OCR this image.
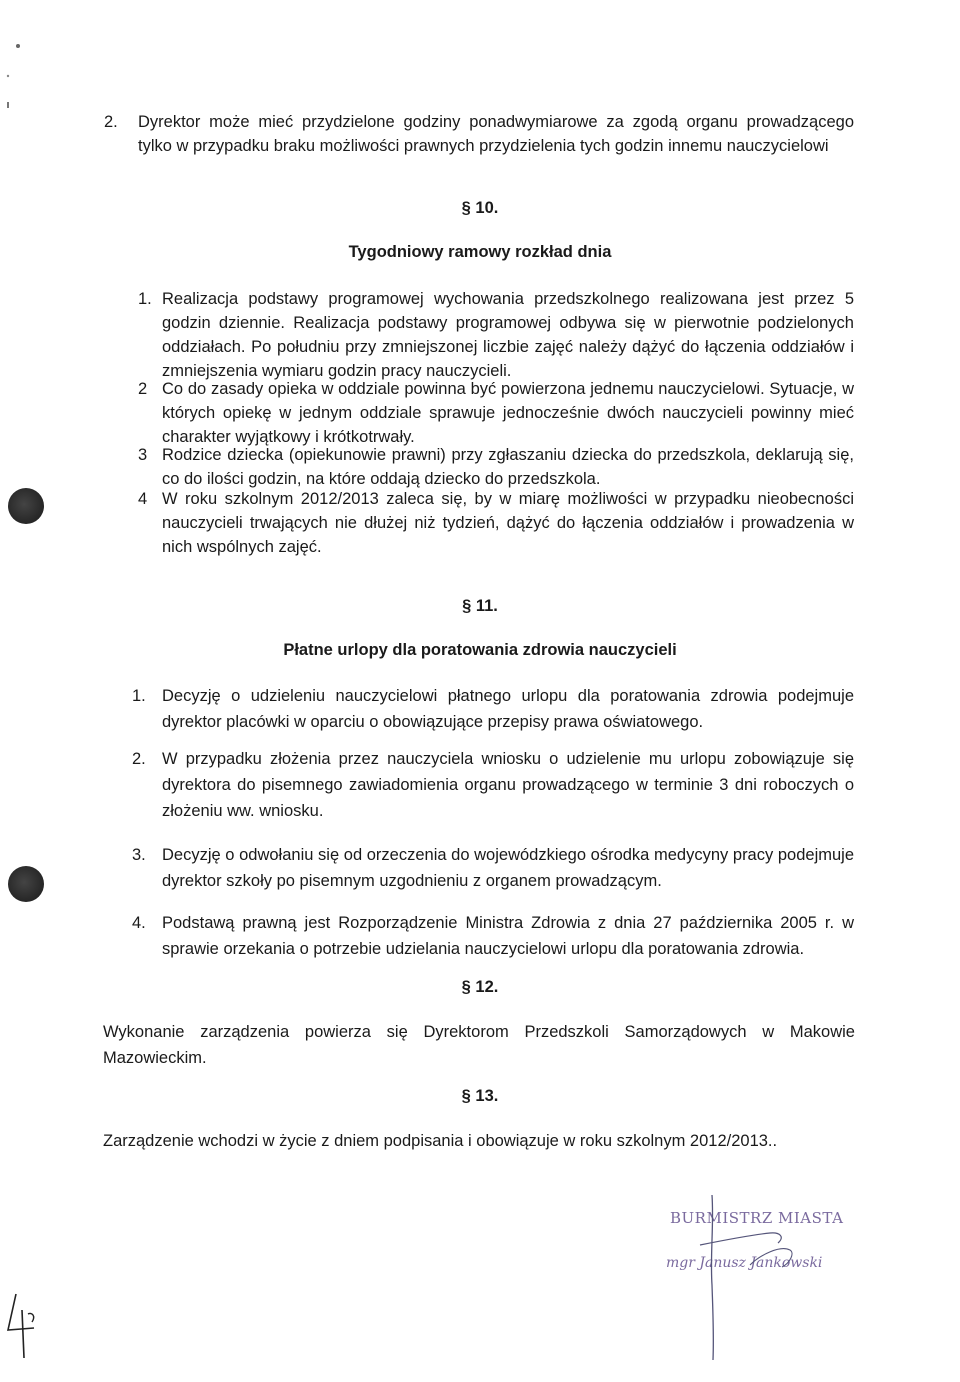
2. Dyrektor może mieć przydzielone godziny ponadwymiarowe za zgodą organu prowadzącego tylko w przypadku braku możliwości prawnych przydzielenia tych godzin innemu nauczycielowi
§ 10.
Tygodniowy ramowy rozkład dnia
1. Realizacja podstawy programowej wychowania przedszkolnego realizowana jest przez 5 godzin dziennie. Realizacja podstawy programowej odbywa się w pierwotnie podzielonych oddziałach. Po południu przy zmniejszonej liczbie zajęć należy dążyć do łączenia oddziałów i zmniejszenia wymiaru godzin pracy nauczycieli.
2 Co do zasady opieka w oddziale powinna być powierzona jednemu nauczycielowi. Sytuacje, w których opiekę w jednym oddziale sprawuje jednocześnie dwóch nauczycieli powinny mieć charakter wyjątkowy i krótkotrwały.
3 Rodzice dziecka (opiekunowie prawni) przy zgłaszaniu dziecka do przedszkola, deklarują się, co do ilości godzin, na które oddają dziecko do przedszkola.
4 W roku szkolnym 2012/2013 zaleca się, by w miarę możliwości w przypadku nieobecności nauczycieli trwających nie dłużej niż tydzień, dążyć do łączenia oddziałów i prowadzenia w nich wspólnych zajęć.
§ 11.
Płatne urlopy dla poratowania zdrowia nauczycieli
1. Decyzję o udzieleniu nauczycielowi płatnego urlopu dla poratowania zdrowia podejmuje dyrektor placówki w oparciu o obowiązujące przepisy prawa oświatowego.
2. W przypadku złożenia przez nauczyciela wniosku o udzielenie mu urlopu zobowiązuje się dyrektora do pisemnego zawiadomienia organu prowadzącego w terminie 3 dni roboczych o złożeniu ww. wniosku.
3. Decyzję o odwołaniu się od orzeczenia do wojewódzkiego ośrodka medycyny pracy podejmuje dyrektor szkoły po pisemnym uzgodnieniu z organem prowadzącym.
4. Podstawą prawną jest Rozporządzenie Ministra Zdrowia z dnia 27 października 2005 r. w sprawie orzekania o potrzebie udzielania nauczycielowi urlopu dla poratowania zdrowia.
§ 12.
Wykonanie zarządzenia powierza się Dyrektorom Przedszkoli Samorządowych w Makowie Mazowieckim.
§ 13.
Zarządzenie wchodzi w życie z dniem podpisania i obowiązuje w roku szkolnym 2012/2013..
BURMISTRZ MIASTA
mgr Janusz Jankowski
